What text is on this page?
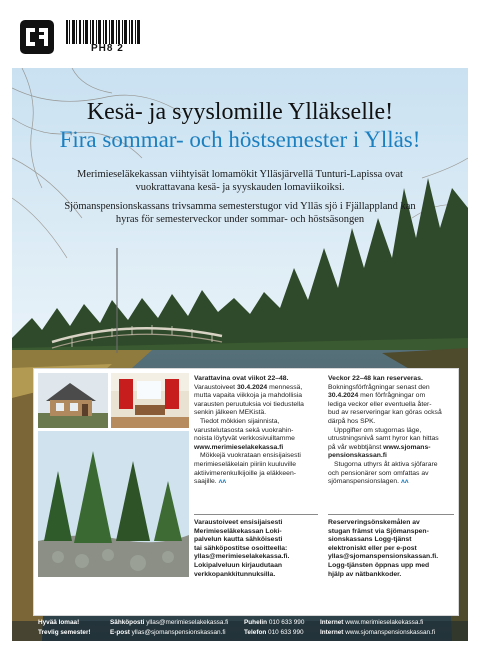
PH8 2
Kesä- ja syyslomille Ylläkselle!
Fira sommar- och höstsemester i Ylläs!

Merimieseläkekassan viihtyisät lomamökit Ylläsjärvellä Tunturi-Lapissa ovat vuokrattavana kesä- ja syyskauden lomaviikoiksi.

Sjömanspensionskassans trivsamma semesterstugor vid Ylläs sjö i Fjällappland kan hyras för semesterveckor under sommar- och höstsäsongen

Varattavina ovat viikot 22–48.

Varaustoiveet 30.4.2024 mennessä,

mutta vapaita viikkoja ja mahdollisia

varausten peruutuksia voi tiedustella

senkin jälkeen MEKistä.

Tiedot mökkien sijainnista,

varustelutasosta sekä vuokrahin-

noista löytyvät verkkosivuiltamme

www.merimieselakekassa.fi

Mökkejä vuokrataan ensisijaisesti

merimieseläkelain piiriin kuuluville

aktiivimerenkulkijoille ja eläkkeen-

saajille. ʌʌ

Varaustoiveet ensisijaisesti

Merimieseläkekassan Loki-

palvelun kautta sähköisesti

tai sähköpostitse osoitteella:

yllas@merimieselakekassa.fi.

Lokipalveluun kirjaudutaan

verkkopankkitunnuksilla.

Veckor 22–48 kan reserveras.

Bokningsförfrågningar senast den

30.4.2024 men förfrågningar om

lediga veckor eller eventuella åter-

bud av reserveringar kan göras också

därpå hos SPK.

Uppgifter om stugornas läge,

utrustningsnivå samt hyror kan hittas

på vår webbtjänst www.sjomans-

pensionskassan.fi

Stugorna uthyrs åt aktiva sjöfarare

och pensionärer som omfattas av

sjömanspensionslagen. ʌʌ

Reserveringsönskemålen av

stugan främst via Sjömanspen-

sionskassans Logg-tjänst

elektroniskt eller per e-post

yllas@sjomanspensionskassan.fi.

Logg-tjänsten öppnas upp med

hjälp av nätbankkoder.

Hyvää lomaa!	Sähköposti yllas@merimieselakekassa.fi Puhelin 010 633 990 Internet www.merimieselakekassa.fi
Trevlig semester!	E-post yllas@sjomanspensionskassan.fi	Telefon 010 633 990	Internet www.sjomanspensionskassan.fi
